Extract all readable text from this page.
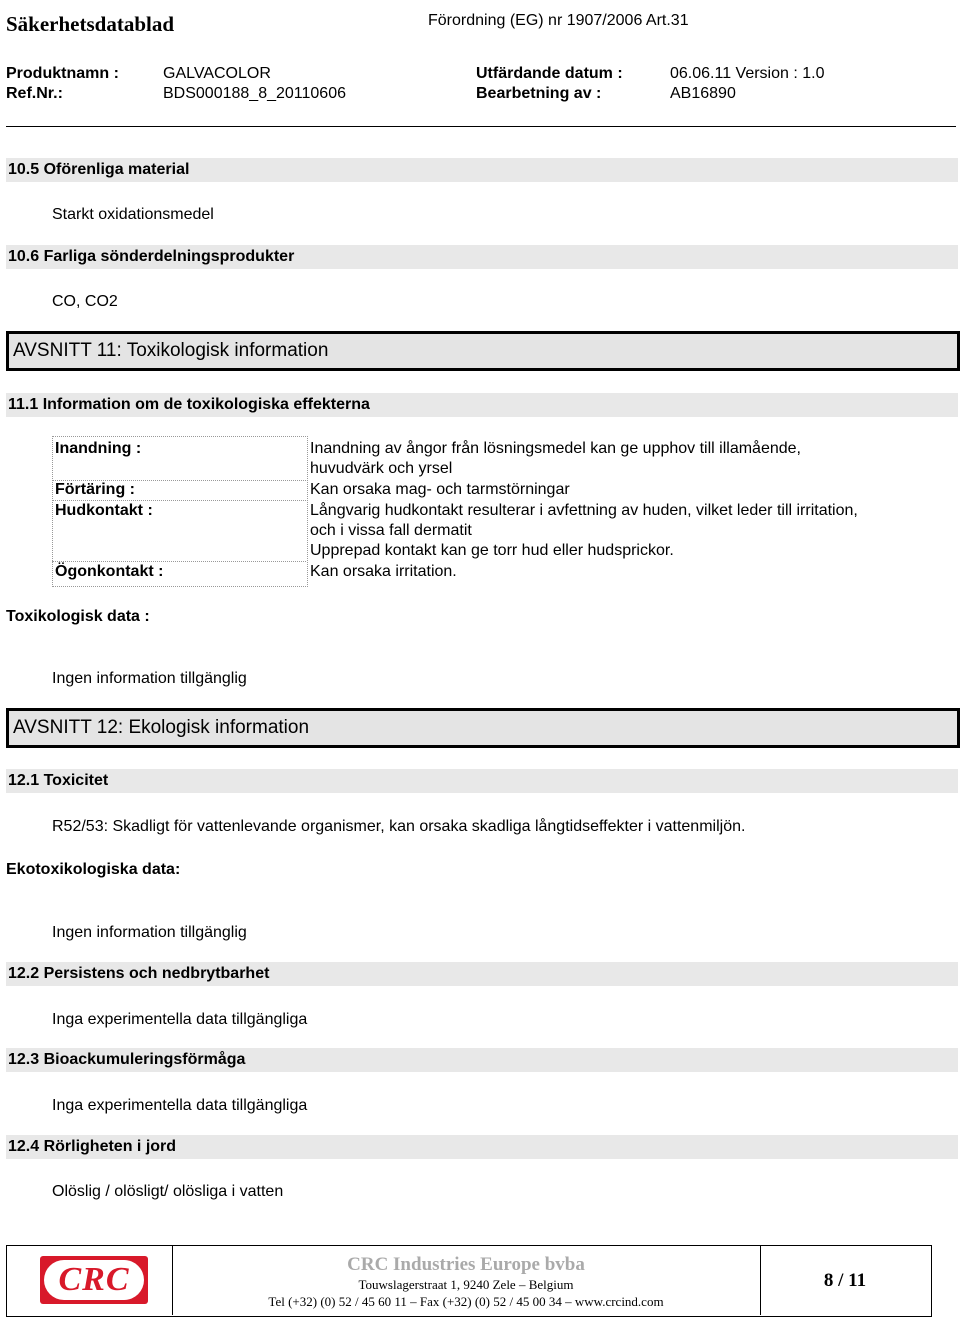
Säkerhetsdatablad	Förordning (EG) nr 1907/2006 Art.31
Produktnamn :	GALVACOLOR	Utfärdande datum :	06.06.11 Version : 1.0
Ref.Nr.:	BDS000188_8_20110606	Bearbetning av :	AB16890
10.5 Oförenliga material
Starkt oxidationsmedel
10.6 Farliga sönderdelningsprodukter
CO, CO2
AVSNITT 11: Toxikologisk information
11.1 Information om de toxikologiska effekterna
Inandning :	Inandning av ångor från lösningsmedel kan ge upphov till illamående,
huvudvärk och yrsel
Förtäring :	Kan orsaka mag- och tarmstörningar
Hudkontakt :	Långvarig hudkontakt resulterar i avfettning av huden, vilket leder till irritation,
och i vissa fall dermatit
Upprepad kontakt kan ge torr hud eller hudsprickor.
Ögonkontakt :	Kan orsaka irritation.
Toxikologisk data :
Ingen information tillgänglig
AVSNITT 12: Ekologisk information
12.1 Toxicitet
R52/53: Skadligt för vattenlevande organismer, kan orsaka skadliga långtidseffekter i vattenmiljön.
Ekotoxikologiska data:
Ingen information tillgänglig
12.2 Persistens och nedbrytbarhet
Inga experimentella data tillgängliga
12.3 Bioackumuleringsförmåga
Inga experimentella data tillgängliga
12.4 Rörligheten i jord
Olöslig / olösligt/ olösliga i vatten
CRC	CRC Industries Europe bvba
Touwslagerstraat 1, 9240 Zele – Belgium
Tel (+32) (0) 52 / 45 60 11 – Fax (+32) (0) 52 / 45 00 34 – www.crcind.com
8 / 11
